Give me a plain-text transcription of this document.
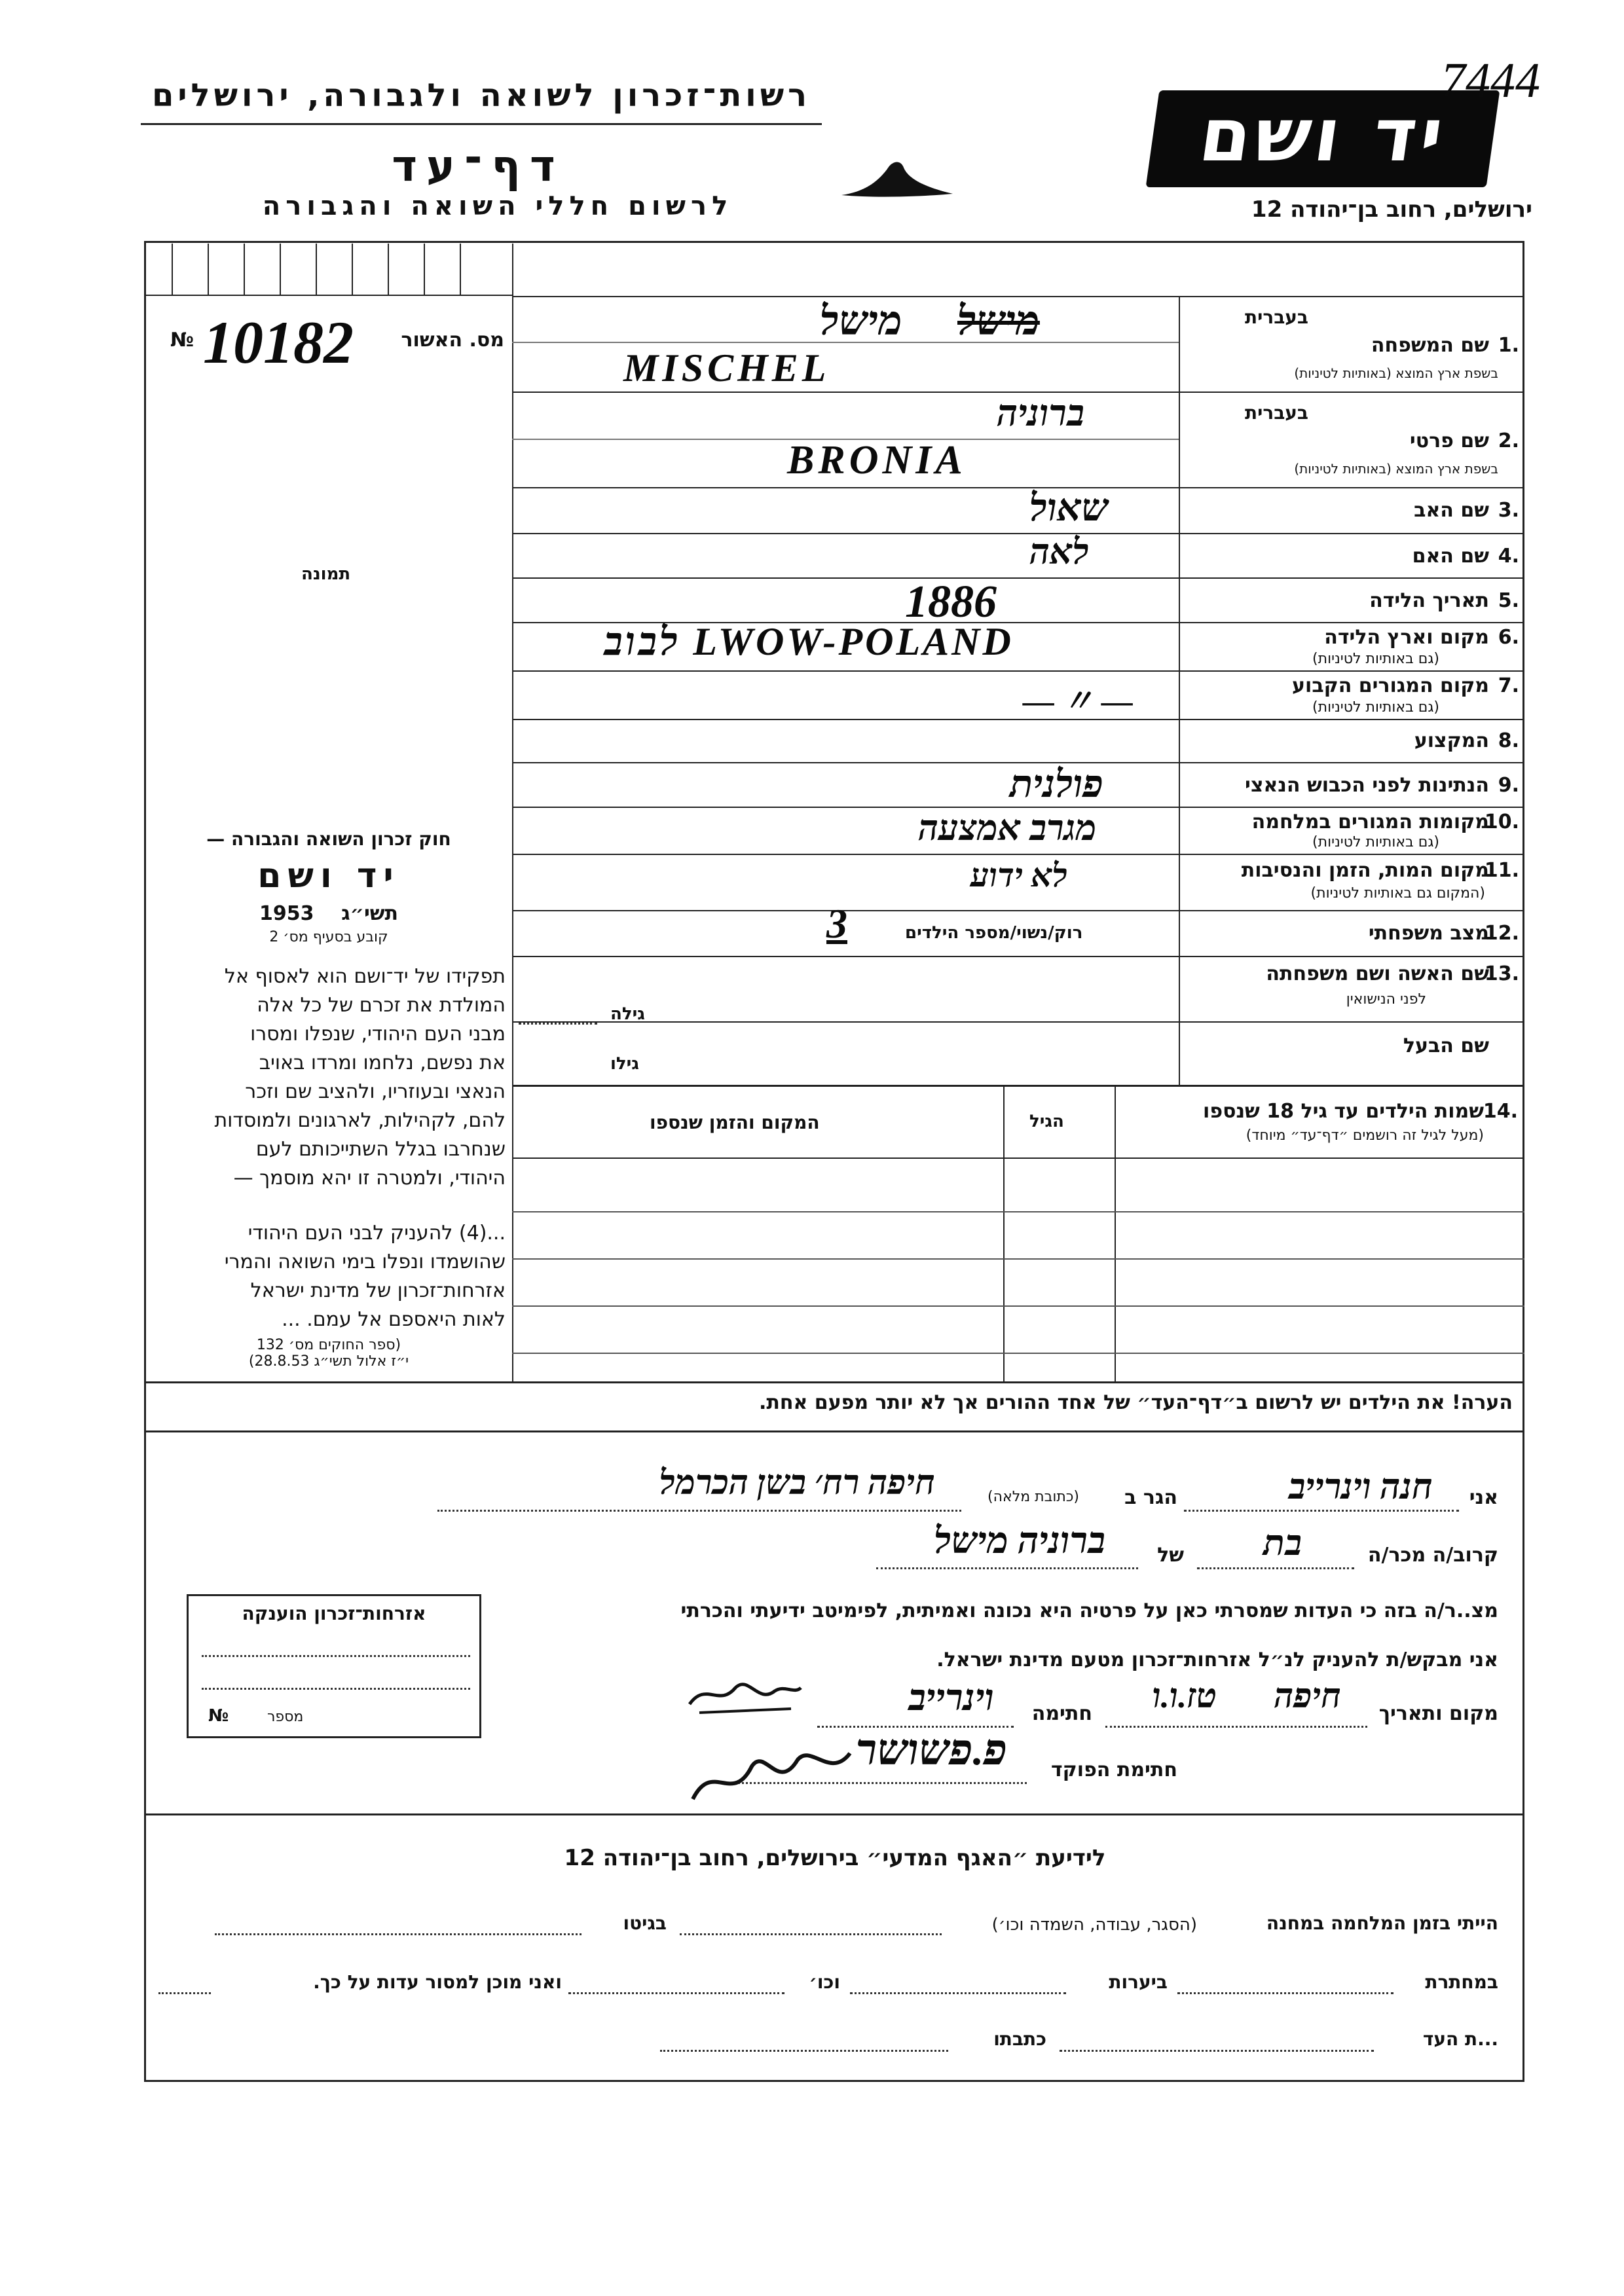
רשות־זכרון לשואה ולגבורה, ירושלים
דף־עד
לרשום חללי השואה והגבורה
יד ושם
7444
ירושלים, רחוב בן־יהודה 12
№ 10182 מס. האשור
תמונה
חוק זכרון השואה והגבורה —
יד ושם
תשי״ג    1953
קובע בסעיף מס׳ 2
תפקידו של יד־ושם הוא לאסוף אל
המולדת את זכרם של כל אלה
מבני העם היהודי, שנפלו ומסרו
את נפשם, נלחמו ומרדו באויב
הנאצי ובעוזריו, ולהציב שם וזכר
להם, לקהילות, לארגונים ולמוסדות
שנחרבו בגלל השתייכותם לעם
היהודי, ולמטרה זו יהא מוסמך —
...(4) להעניק לבני העם היהודי
שהושמדו ונפלו בימי השואה והמרי
אזרחות־זכרון של מדינת ישראל
לאות היאספם אל עמם. ...
(ספר החוקים מס׳ 132
י״ז אלול תשי״ג 28.8.53)
בעברית
שם המשפחה 1.
בשפת ארץ המוצא (באותיות לטיניות)
מישל
מישל
MISCHEL
בעברית
שם פרטי 2.
בשפת ארץ המוצא (באותיות לטיניות)
ברוניה
BRONIA
שם האב 3.
שאול
שם האם 4.
לאה
תאריך הלידה 5.
1886
מקום וארץ הלידה 6.
(גם באותיות לטיניות)
לבוב LWOW-POLAND
מקום המגורים הקבוע 7.
(גם באותיות לטיניות)
— 〃 —
המקצוע 8.
הנתינות לפני הכבוש הנאצי 9.
פולנית
מקומות המגורים במלחמה
10.
(גם באותיות לטיניות)
מגרב אמצעה
מקום המות, הזמן והנסיבות
11.
(המקום גם באותיות לטיניות)
לא ידוע
מצב משפחתי
12.
רוק/נשוי/מספר הילדים
3
שם האשה ושם משפחתה
13.
לפני הנישואין
גילה
שם הבעל
גילו
14.
שמות הילדים עד גיל 18 שנספו
(מעל לגיל זה רושמים ״דף־עד״ מיוחד)
הגיל
המקום והזמן שנספו
הערה! את הילדים יש לרשום ב״דף־העד״ של אחד ההורים אך לא יותר מפעם אחת.
אני
חנה וינרייב
הגר ב
(כתובת מלאה)
חיפה רח׳ בשן הכרמל
קרוב/ה מכר/ה
בת
של
ברוניה מישל
מצ..ר/ה בזה כי העדות שמסרתי כאן על פרטיה היא נכונה ואמיתית, לפימיטב ידיעתי והכרתי
אני מבקש/ת להעניק לנ״ל אזרחות־זכרון מטעם מדינת ישראל.
מקום ותאריך
חיפה
טז.ו.ו
חתימה
וינרייב
חתימת הפוקד
פ.פשושר
אזרחות־זכרון הוענקה
№	מספר
לידיעת ״האגף המדעי״ בירושלים, רחוב בן־יהודה 12
הייתי בזמן המלחמה במחנה
(הסגר, עבודה, השמדה וכו׳)
בגיטו
במחתרת
ביערות
וכו׳
ואני מוכן למסור עדות על כך.
...ת העד
כתבתו
